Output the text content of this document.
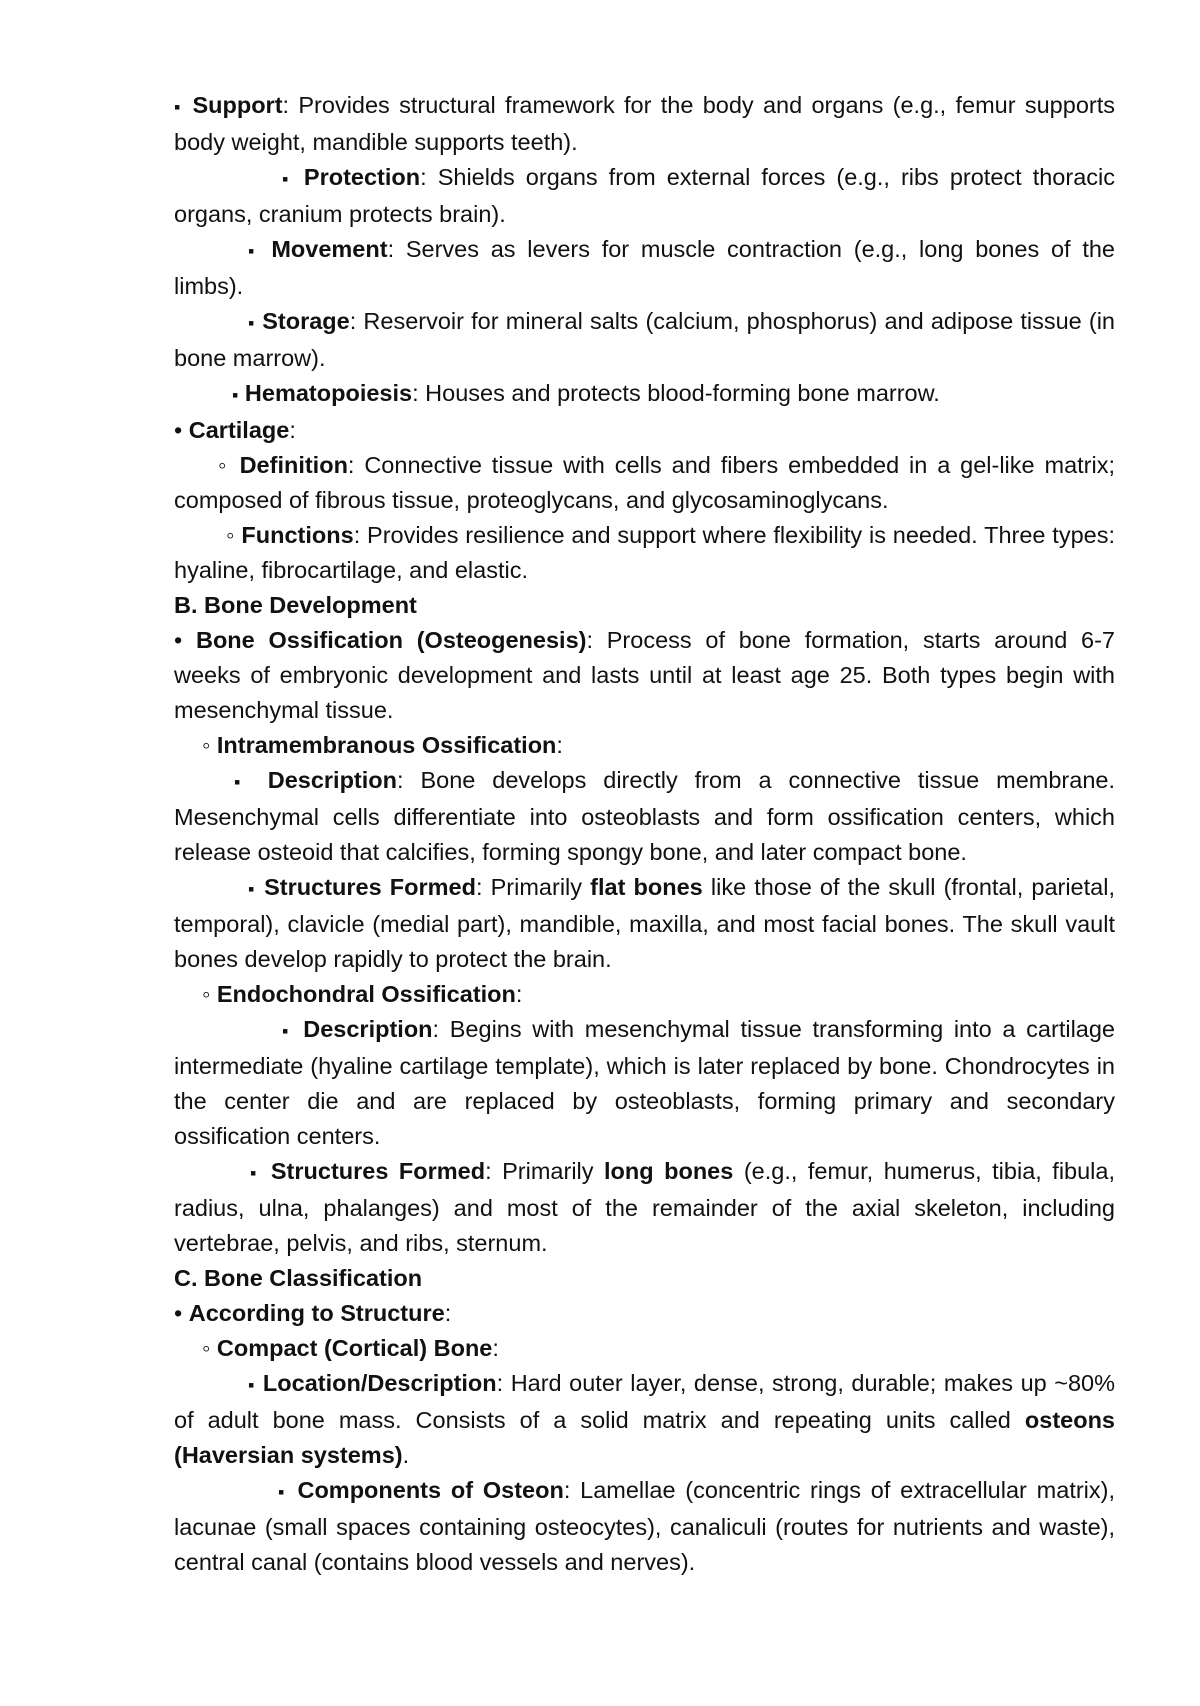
▪ Support: Provides structural framework for the body and organs (e.g., femur supports body weight, mandible supports teeth).

▪ Protection: Shields organs from external forces (e.g., ribs protect thoracic organs, cranium protects brain).

▪ Movement: Serves as levers for muscle contraction (e.g., long bones of the limbs).

▪ Storage: Reservoir for mineral salts (calcium, phosphorus) and adipose tissue (in bone marrow).

▪ Hematopoiesis: Houses and protects blood-forming bone marrow.

• Cartilage:

◦ Definition: Connective tissue with cells and fibers embedded in a gel-like matrix; composed of fibrous tissue, proteoglycans, and glycosaminoglycans.

◦ Functions: Provides resilience and support where flexibility is needed. Three types: hyaline, fibrocartilage, and elastic.

B. Bone Development

• Bone Ossification (Osteogenesis): Process of bone formation, starts around 6-7 weeks of embryonic development and lasts until at least age 25. Both types begin with mesenchymal tissue.

◦ Intramembranous Ossification:

▪ Description: Bone develops directly from a connective tissue membrane. Mesenchymal cells differentiate into osteoblasts and form ossification centers, which release osteoid that calcifies, forming spongy bone, and later compact bone.

▪ Structures Formed: Primarily flat bones like those of the skull (frontal, parietal, temporal), clavicle (medial part), mandible, maxilla, and most facial bones. The skull vault bones develop rapidly to protect the brain.

◦ Endochondral Ossification:

▪ Description: Begins with mesenchymal tissue transforming into a cartilage intermediate (hyaline cartilage template), which is later replaced by bone. Chondrocytes in the center die and are replaced by osteoblasts, forming primary and secondary ossification centers.

▪ Structures Formed: Primarily long bones (e.g., femur, humerus, tibia, fibula, radius, ulna, phalanges) and most of the remainder of the axial skeleton, including vertebrae, pelvis, and ribs, sternum.

C. Bone Classification

• According to Structure:

◦ Compact (Cortical) Bone:

▪ Location/Description: Hard outer layer, dense, strong, durable; makes up ~80% of adult bone mass. Consists of a solid matrix and repeating units called osteons (Haversian systems).

▪ Components of Osteon: Lamellae (concentric rings of extracellular matrix), lacunae (small spaces containing osteocytes), canaliculi (routes for nutrients and waste), central canal (contains blood vessels and nerves).
